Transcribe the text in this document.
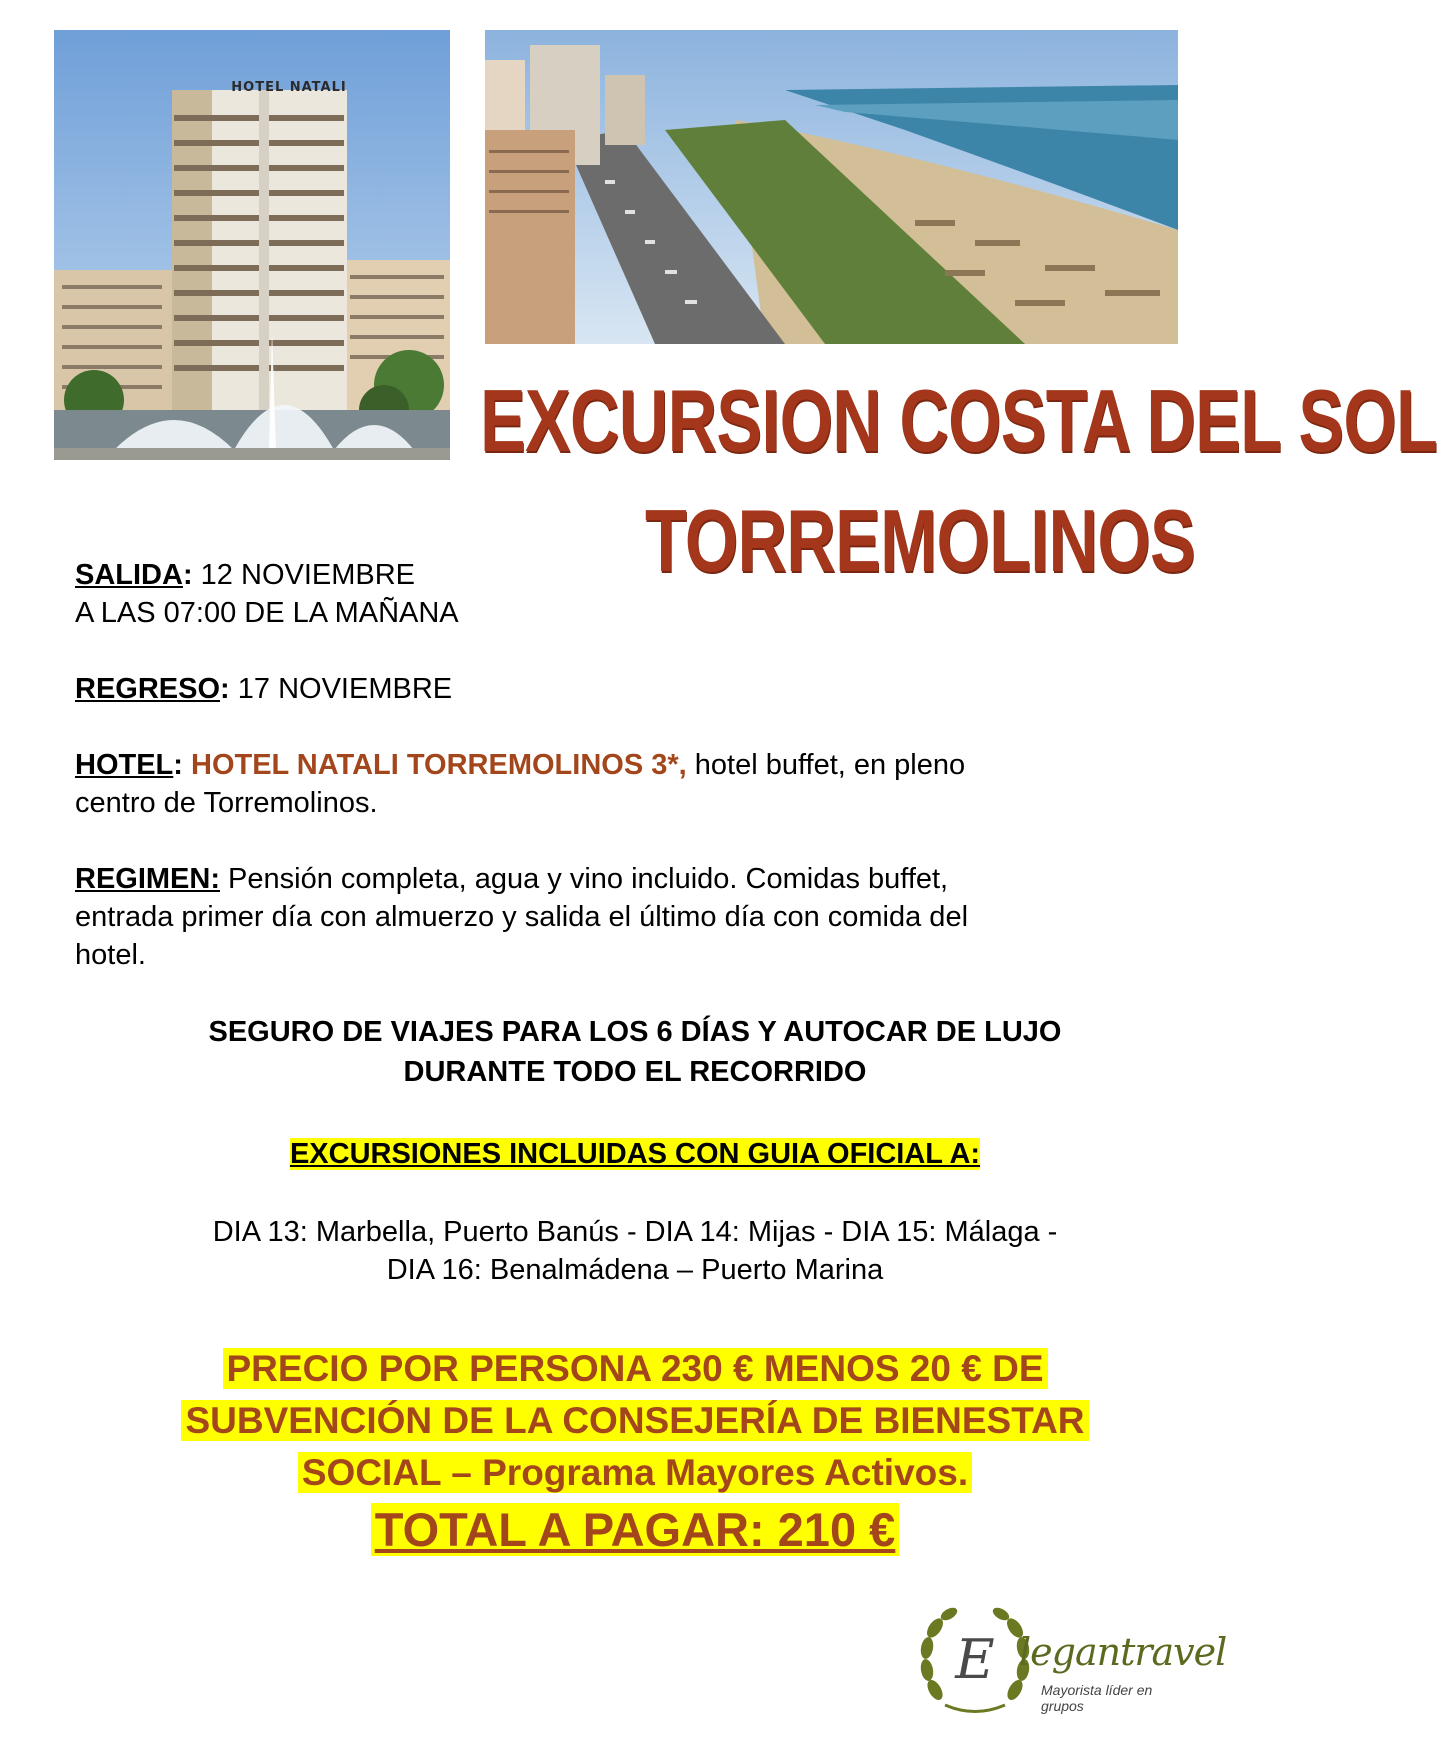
HOTEL NATALI
EXCURSION COSTA DEL SOL
TORREMOLINOS
SALIDA: 12 NOVIEMBRE
A LAS 07:00 DE LA MAÑANA
REGRESO: 17 NOVIEMBRE
HOTEL: HOTEL NATALI TORREMOLINOS 3*, hotel buffet, en pleno
centro de Torremolinos.
REGIMEN: Pensión completa, agua y vino incluido. Comidas buffet,
entrada primer día con almuerzo y salida el último día con comida del
hotel.
SEGURO DE VIAJES PARA LOS 6 DÍAS Y AUTOCAR DE LUJO
DURANTE TODO EL RECORRIDO
EXCURSIONES INCLUIDAS CON GUIA OFICIAL A:
DIA 13: Marbella, Puerto Banús - DIA 14: Mijas - DIA 15: Málaga -
DIA 16: Benalmádena – Puerto Marina
PRECIO POR PERSONA 230 € MENOS 20 € DE
SUBVENCIÓN DE LA CONSEJERÍA DE BIENESTAR
SOCIAL – Programa Mayores Activos.
TOTAL A PAGAR: 210 €
E legantravel
Mayorista líder en grupos
